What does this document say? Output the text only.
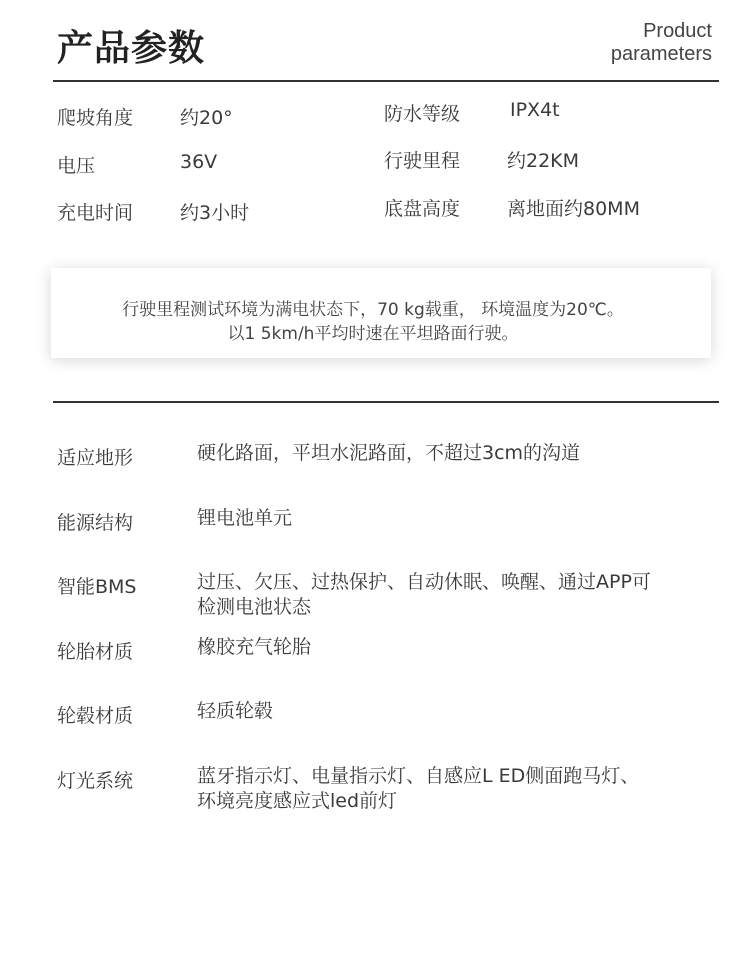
产品参数	Product
parameters
爬坡角度 约20°	防水等级	IPX4t
电压	36V	行驶里程 约22KM
充电时间 约3小时	底盘高度 离地面约80MM
行驶里程测试环境为满电状态下，70 kg载重， 环境温度为20℃。
以1 5km/h平均时速在平坦路面行驶。
适应地形	硬化路面，平坦水泥路面，不超过3cm的沟道
能源结构	锂电池单元
智能BMS	过压、欠压、过热保护、自动休眠、唤醒、通过APP可
检测电池状态
轮胎材质	橡胶充气轮胎
轮毂材质	轻质轮毂
灯光系统	蓝牙指示灯、电量指示灯、自感应L ED侧面跑马灯、
环境亮度感应式led前灯
